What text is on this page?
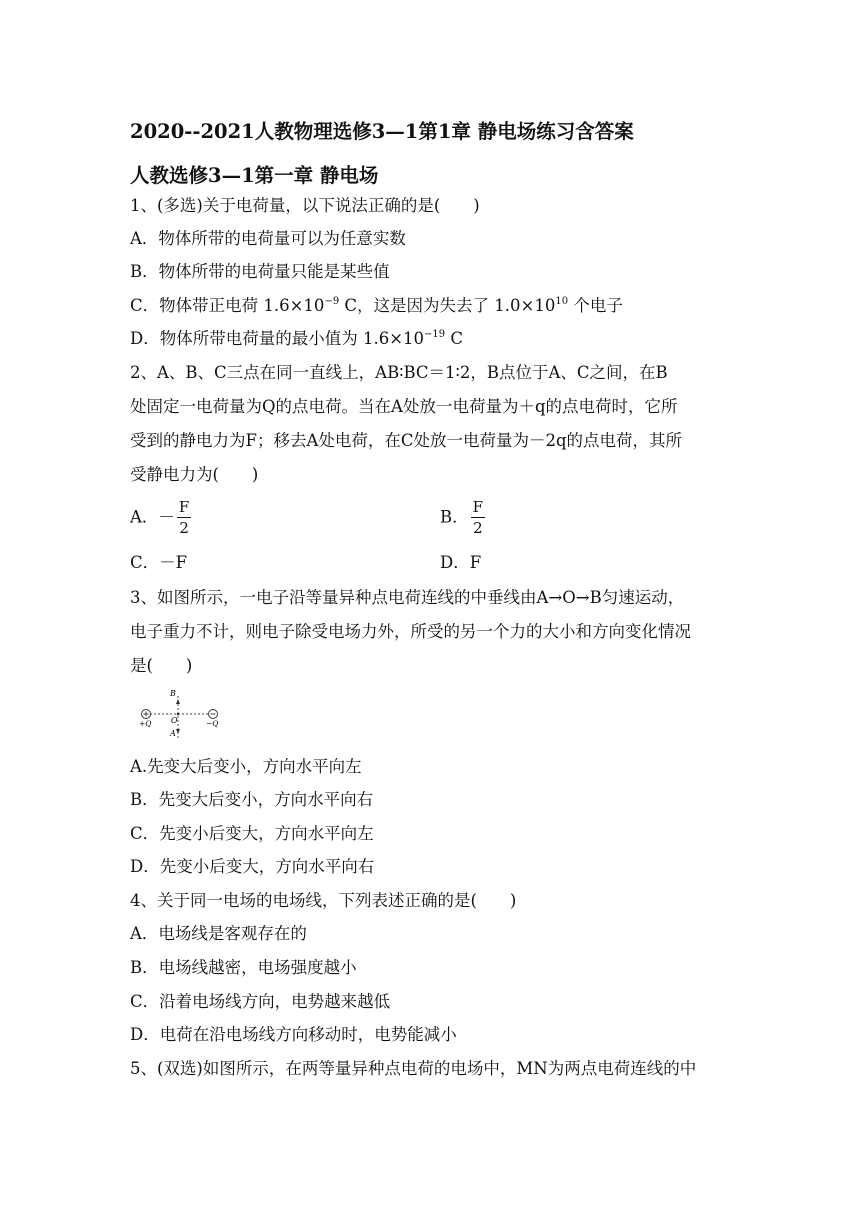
2020--2021人教物理选修3—1第1章 静电场练习含答案
人教选修3—1第一章 静电场
1、(多选)关于电荷量，以下说法正确的是(　　)
A．物体所带的电荷量可以为任意实数
B．物体所带的电荷量只能是某些值
C．物体带正电荷 $1.6\times 10^{-9}$ C，这是因为失去了 $1.0\times 10^{10}$ 个电子
D．物体所带电荷量的最小值为 $1.6\times 10^{-19}$ C
2、A、B、C三点在同一直线上，AB∶BC＝1∶2，B点位于A、C之间，在B
处固定一电荷量为Q的点电荷。当在A处放一电荷量为＋q的点电荷时，它所
受到的静电力为F；移去A处电荷，在C处放一电荷量为－2q的点电荷，其所
受静电力为(　　)
A．－ $\frac{F}{2}$	B． $\frac{F}{2}$
C．－F	D．F
3、如图所示，一电子沿等量异种点电荷连线的中垂线由A→O→B匀速运动，
电子重力不计，则电子除受电场力外，所受的另一个力的大小和方向变化情况
是(　　)
B
O
A
+Q	−Q
A.先变大后变小，方向水平向左
B．先变大后变小，方向水平向右
C．先变小后变大，方向水平向左
D．先变小后变大，方向水平向右
4、关于同一电场的电场线，下列表述正确的是(　　)
A．电场线是客观存在的
B．电场线越密，电场强度越小
C．沿着电场线方向，电势越来越低
D．电荷在沿电场线方向移动时，电势能减小
5、(双选)如图所示，在两等量异种点电荷的电场中，MN为两点电荷连线的中
